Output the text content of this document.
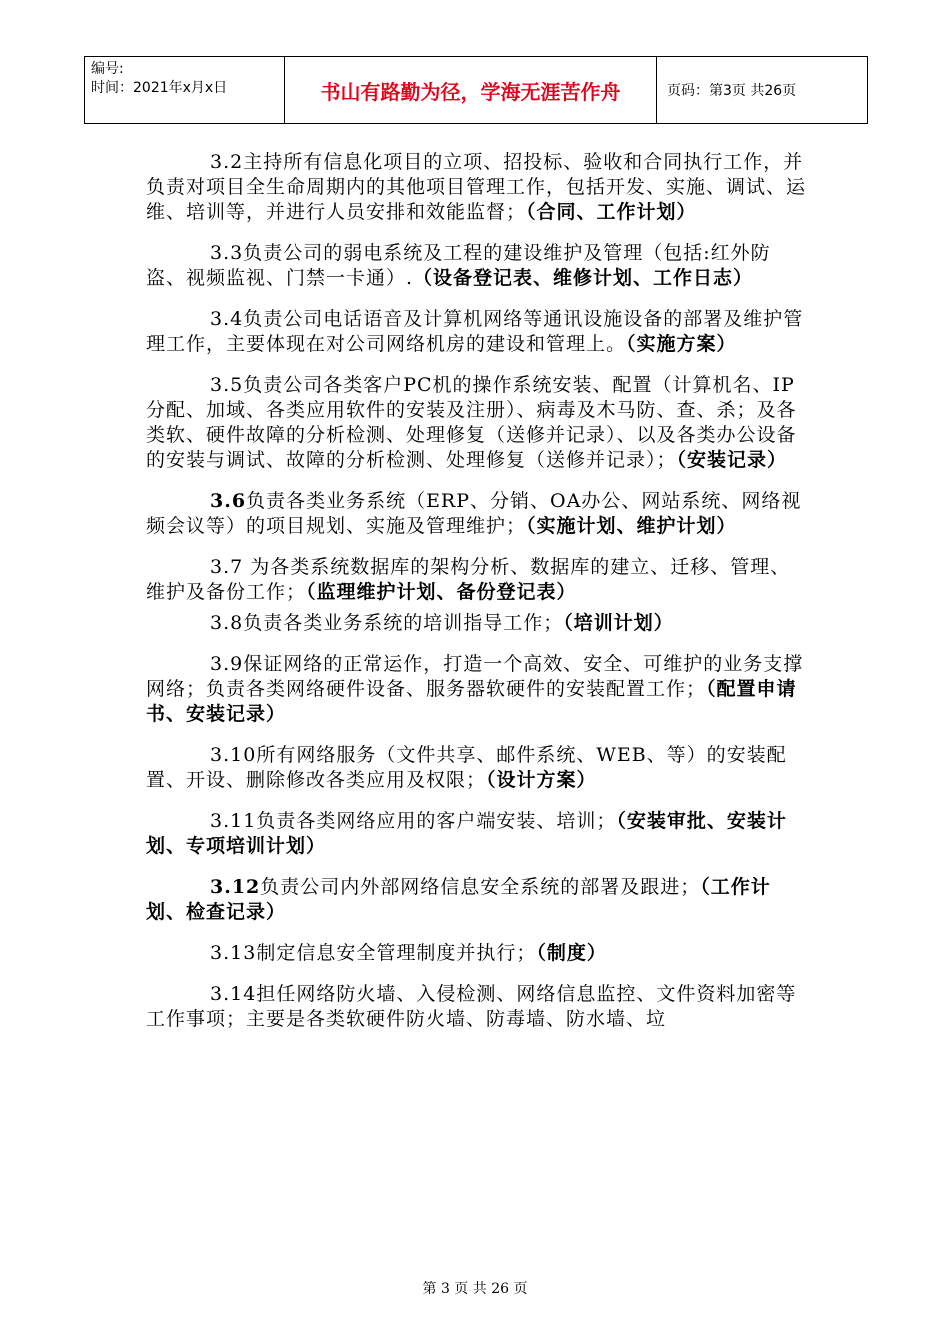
编号:
时间：2021年x月x日	书山有路勤为径，学海无涯苦作舟	页码：第3页 共26页

3.2主持所有信息化项目的立项、招投标、验收和合同执行工作，并负责对项目全生命周期内的其他项目管理工作，包括开发、实施、调试、运维、培训等，并进行人员安排和效能监督；（合同、工作计划）

3.3负责公司的弱电系统及工程的建设维护及管理（包括:红外防盗、视频监视、门禁一卡通）.（设备登记表、维修计划、工作日志）

3.4负责公司电话语音及计算机网络等通讯设施设备的部署及维护管理工作，主要体现在对公司网络机房的建设和管理上。（实施方案）

3.5负责公司各类客户PC机的操作系统安装、配置（计算机名、IP分配、加域、各类应用软件的安装及注册）、病毒及木马防、查、杀；及各类软、硬件故障的分析检测、处理修复（送修并记录）、以及各类办公设备的安装与调试、故障的分析检测、处理修复（送修并记录）；（安装记录）

3.6负责各类业务系统（ERP、分销、OA办公、网站系统、网络视频会议等）的项目规划、实施及管理维护；（实施计划、维护计划）

3.7 为各类系统数据库的架构分析、数据库的建立、迁移、管理、维护及备份工作；（监理维护计划、备份登记表）

3.8负责各类业务系统的培训指导工作；（培训计划）

3.9保证网络的正常运作，打造一个高效、安全、可维护的业务支撑网络；负责各类网络硬件设备、服务器软硬件的安装配置工作；（配置申请书、安装记录）

3.10所有网络服务（文件共享、邮件系统、WEB、等）的安装配置、开设、删除修改各类应用及权限；（设计方案）

3.11负责各类网络应用的客户端安装、培训；（安装审批、安装计划、专项培训计划）

3.12负责公司内外部网络信息安全系统的部署及跟进；（工作计划、检查记录）

3.13制定信息安全管理制度并执行；（制度）

3.14担任网络防火墙、入侵检测、网络信息监控、文件资料加密等工作事项；主要是各类软硬件防火墙、防毒墙、防水墙、垃

第 3 页 共 26 页
